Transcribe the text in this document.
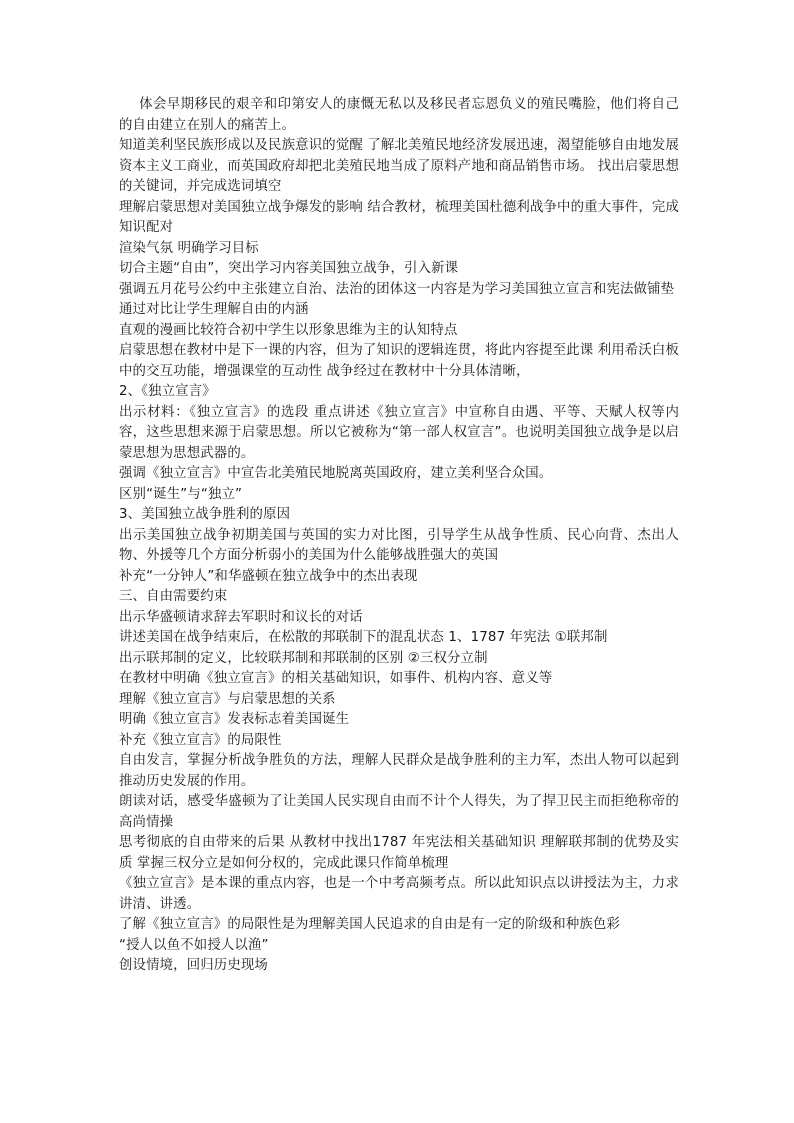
体会早期移民的艰辛和印第安人的康慨无私以及移民者忘恩负义的殖民嘴脸，他们将自己的自由建立在别人的痛苦上。

知道美利坚民族形成以及民族意识的觉醒 了解北美殖民地经济发展迅速，渴望能够自由地发展资本主义工商业，而英国政府却把北美殖民地当成了原料产地和商品销售市场。 找出启蒙思想的关键词，并完成选词填空

理解启蒙思想对美国独立战争爆发的影响 结合教材，梳理美国杜德利战争中的重大事件，完成知识配对

渲染气氛 明确学习目标

切合主题“自由”，突出学习内容美国独立战争，引入新课

强调五月花号公约中主张建立自治、法治的团体这一内容是为学习美国独立宣言和宪法做铺垫

通过对比让学生理解自由的内涵

直观的漫画比较符合初中学生以形象思维为主的认知特点

启蒙思想在教材中是下一课的内容，但为了知识的逻辑连贯，将此内容提至此课 利用希沃白板中的交互功能，增强课堂的互动性 战争经过在教材中十分具体清晰，

2、《独立宣言》

出示材料：《独立宣言》的选段 重点讲述《独立宣言》中宣称自由遇、平等、天赋人权等内容，这些思想来源于启蒙思想。所以它被称为“第一部人权宣言”。也说明美国独立战争是以启蒙思想为思想武器的。

强调《独立宣言》中宣告北美殖民地脱离英国政府，建立美利坚合众国。

区别“诞生”与“独立”

3、美国独立战争胜利的原因

出示美国独立战争初期美国与英国的实力对比图，引导学生从战争性质、民心向背、杰出人物、外援等几个方面分析弱小的美国为什么能够战胜强大的英国

补充“一分钟人”和华盛顿在独立战争中的杰出表现

三、自由需要约束

出示华盛顿请求辞去军职时和议长的对话

讲述美国在战争结束后，在松散的邦联制下的混乱状态 1、1787 年宪法 ①联邦制

出示联邦制的定义，比较联邦制和邦联制的区别 ②三权分立制

在教材中明确《独立宣言》的相关基础知识，如事件、机构内容、意义等

理解《独立宣言》与启蒙思想的关系

明确《独立宣言》发表标志着美国诞生

补充《独立宣言》的局限性

自由发言，掌握分析战争胜负的方法，理解人民群众是战争胜利的主力军，杰出人物可以起到推动历史发展的作用。

朗读对话，感受华盛顿为了让美国人民实现自由而不计个人得失，为了捍卫民主而拒绝称帝的高尚情操

思考彻底的自由带来的后果 从教材中找出1787 年宪法相关基础知识 理解联邦制的优势及实质 掌握三权分立是如何分权的，完成此课只作简单梳理

《独立宣言》是本课的重点内容，也是一个中考高频考点。所以此知识点以讲授法为主，力求讲清、讲透。

了解《独立宣言》的局限性是为理解美国人民追求的自由是有一定的阶级和种族色彩

“授人以鱼不如授人以渔”

创设情境，回归历史现场
